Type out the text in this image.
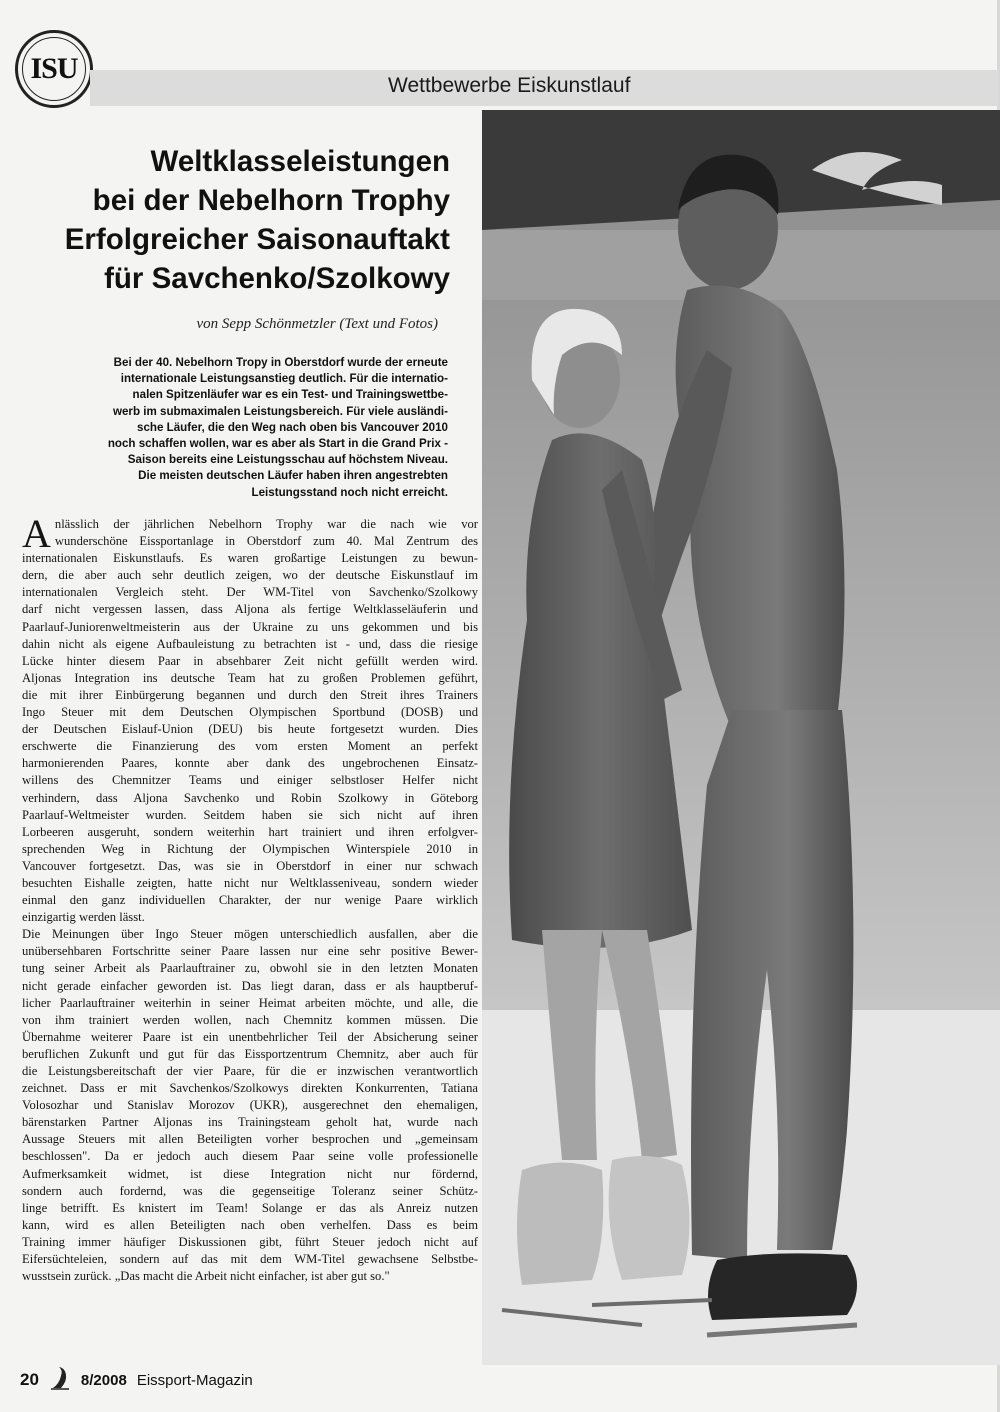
ISU
Wettbewerbe Eiskunstlauf
Weltklasseleistungen
bei der Nebelhorn Trophy
Erfolgreicher Saisonauftakt
für Savchenko/Szolkowy
von Sepp Schönmetzler (Text und Fotos)
Bei der 40. Nebelhorn Tropy in Oberstdorf wurde der erneute
internationale Leistungsanstieg deutlich. Für die internatio-
nalen Spitzenläufer war es ein Test- und Trainingswettbe-
werb im submaximalen Leistungsbereich. Für viele ausländi-
sche Läufer, die den Weg nach oben bis Vancouver 2010
noch schaffen wollen, war es aber als Start in die Grand Prix -
Saison bereits eine Leistungsschau auf höchstem Niveau.
Die meisten deutschen Läufer haben ihren angestrebten
Leistungsstand noch nicht erreicht.
A nlässlich der jährlichen Nebelhorn Trophy war die nach wie vor
wunderschöne Eissportanlage in Oberstdorf zum 40. Mal Zentrum des
internationalen Eiskunstlaufs. Es waren großartige Leistungen zu bewun-
dern, die aber auch sehr deutlich zeigen, wo der deutsche Eiskunstlauf im
internationalen Vergleich steht. Der WM-Titel von Savchenko/Szolkowy
darf nicht vergessen lassen, dass Aljona als fertige Weltklasseläuferin und
Paarlauf-Juniorenweltmeisterin aus der Ukraine zu uns gekommen und bis
dahin nicht als eigene Aufbauleistung zu betrachten ist - und, dass die riesige
Lücke hinter diesem Paar in absehbarer Zeit nicht gefüllt werden wird.
Aljonas Integration ins deutsche Team hat zu großen Problemen geführt,
die mit ihrer Einbürgerung begannen und durch den Streit ihres Trainers
Ingo Steuer mit dem Deutschen Olympischen Sportbund (DOSB) und
der Deutschen Eislauf-Union (DEU) bis heute fortgesetzt wurden. Dies
erschwerte die Finanzierung des vom ersten Moment an perfekt
harmonierenden Paares, konnte aber dank des ungebrochenen Einsatz-
willens des Chemnitzer Teams und einiger selbstloser Helfer nicht
verhindern, dass Aljona Savchenko und Robin Szolkowy in Göteborg
Paarlauf-Weltmeister wurden. Seitdem haben sie sich nicht auf ihren
Lorbeeren ausgeruht, sondern weiterhin hart trainiert und ihren erfolgver-
sprechenden Weg in Richtung der Olympischen Winterspiele 2010 in
Vancouver fortgesetzt. Das, was sie in Oberstdorf in einer nur schwach
besuchten Eishalle zeigten, hatte nicht nur Weltklasseniveau, sondern wieder
einmal den ganz individuellen Charakter, der nur wenige Paare wirklich
einzigartig werden lässt.
Die Meinungen über Ingo Steuer mögen unterschiedlich ausfallen, aber die
unübersehbaren Fortschritte seiner Paare lassen nur eine sehr positive Bewer-
tung seiner Arbeit als Paarlauftrainer zu, obwohl sie in den letzten Monaten
nicht gerade einfacher geworden ist. Das liegt daran, dass er als hauptberuf-
licher Paarlauftrainer weiterhin in seiner Heimat arbeiten möchte, und alle, die
von ihm trainiert werden wollen, nach Chemnitz kommen müssen. Die
Übernahme weiterer Paare ist ein unentbehrlicher Teil der Absicherung seiner
beruflichen Zukunft und gut für das Eissportzentrum Chemnitz, aber auch für
die Leistungsbereitschaft der vier Paare, für die er inzwischen verantwortlich
zeichnet. Dass er mit Savchenkos/Szolkowys direkten Konkurrenten, Tatiana
Volosozhar und Stanislav Morozov (UKR), ausgerechnet den ehemaligen,
bärenstarken Partner Aljonas ins Trainingsteam geholt hat, wurde nach
Aussage Steuers mit allen Beteiligten vorher besprochen und „gemeinsam
beschlossen". Da er jedoch auch diesem Paar seine volle professionelle
Aufmerksamkeit widmet, ist diese Integration nicht nur fördernd,
sondern auch fordernd, was die gegenseitige Toleranz seiner Schütz-
linge betrifft. Es knistert im Team! Solange er das als Anreiz nutzen
kann, wird es allen Beteiligten nach oben verhelfen. Dass es beim
Training immer häufiger Diskussionen gibt, führt Steuer jedoch nicht auf
Eifersüchteleien, sondern auf das mit dem WM-Titel gewachsene Selbstbe-
wusstsein zurück. „Das macht die Arbeit nicht einfacher, ist aber gut so."
20	8/2008 Eissport-Magazin
